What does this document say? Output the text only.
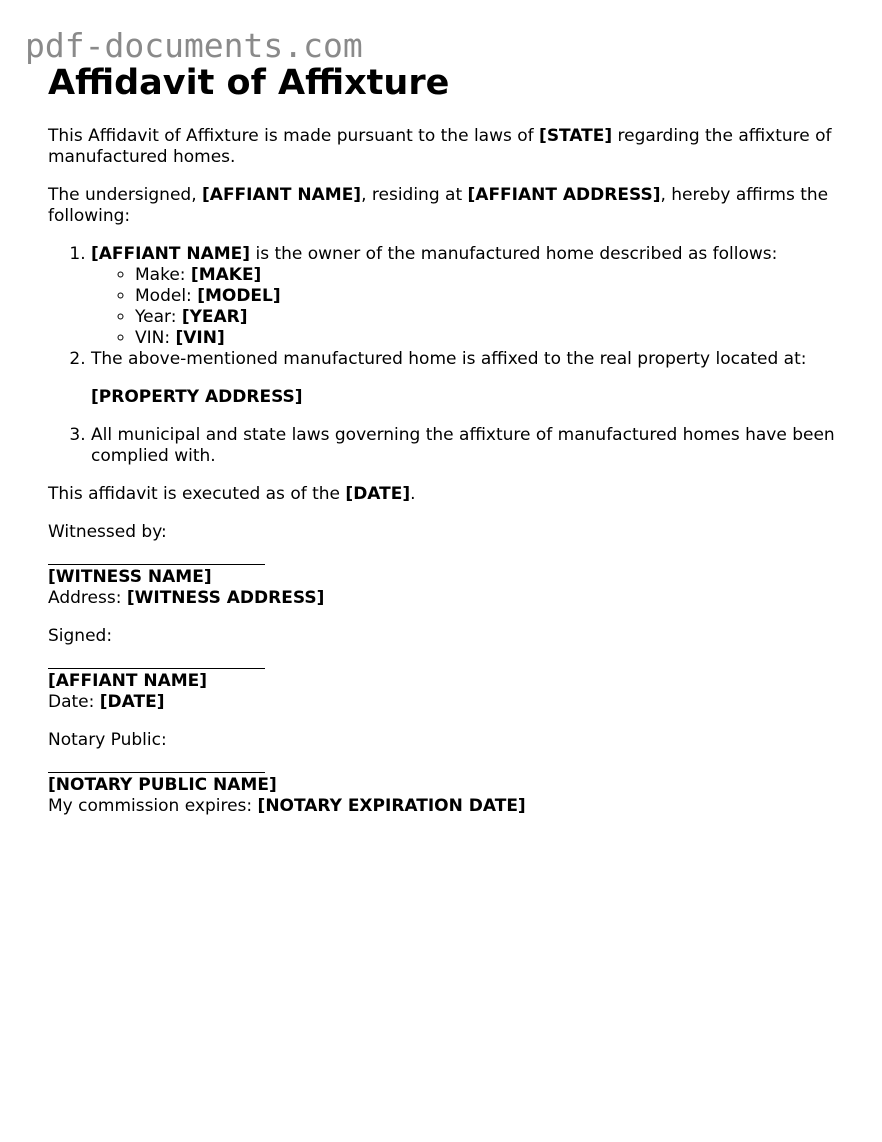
pdf-documents.com
Affidavit of Affixture

This Affidavit of Affixture is made pursuant to the laws of [STATE] regarding the affixture of manufactured homes.

The undersigned, [AFFIANT NAME], residing at [AFFIANT ADDRESS], hereby affirms the following:

1. [AFFIANT NAME] is the owner of the manufactured home described as follows:
◦ Make: [MAKE]
◦ Model: [MODEL]
◦ Year: [YEAR]
◦ VIN: [VIN]
2. The above-mentioned manufactured home is affixed to the real property located at:

[PROPERTY ADDRESS]

3. All municipal and state laws governing the affixture of manufactured homes have been complied with.

This affidavit is executed as of the [DATE].

Witnessed by:

[WITNESS NAME]

Address: [WITNESS ADDRESS]

Signed:

[AFFIANT NAME]

Date: [DATE]

Notary Public:

[NOTARY PUBLIC NAME]

My commission expires: [NOTARY EXPIRATION DATE]
